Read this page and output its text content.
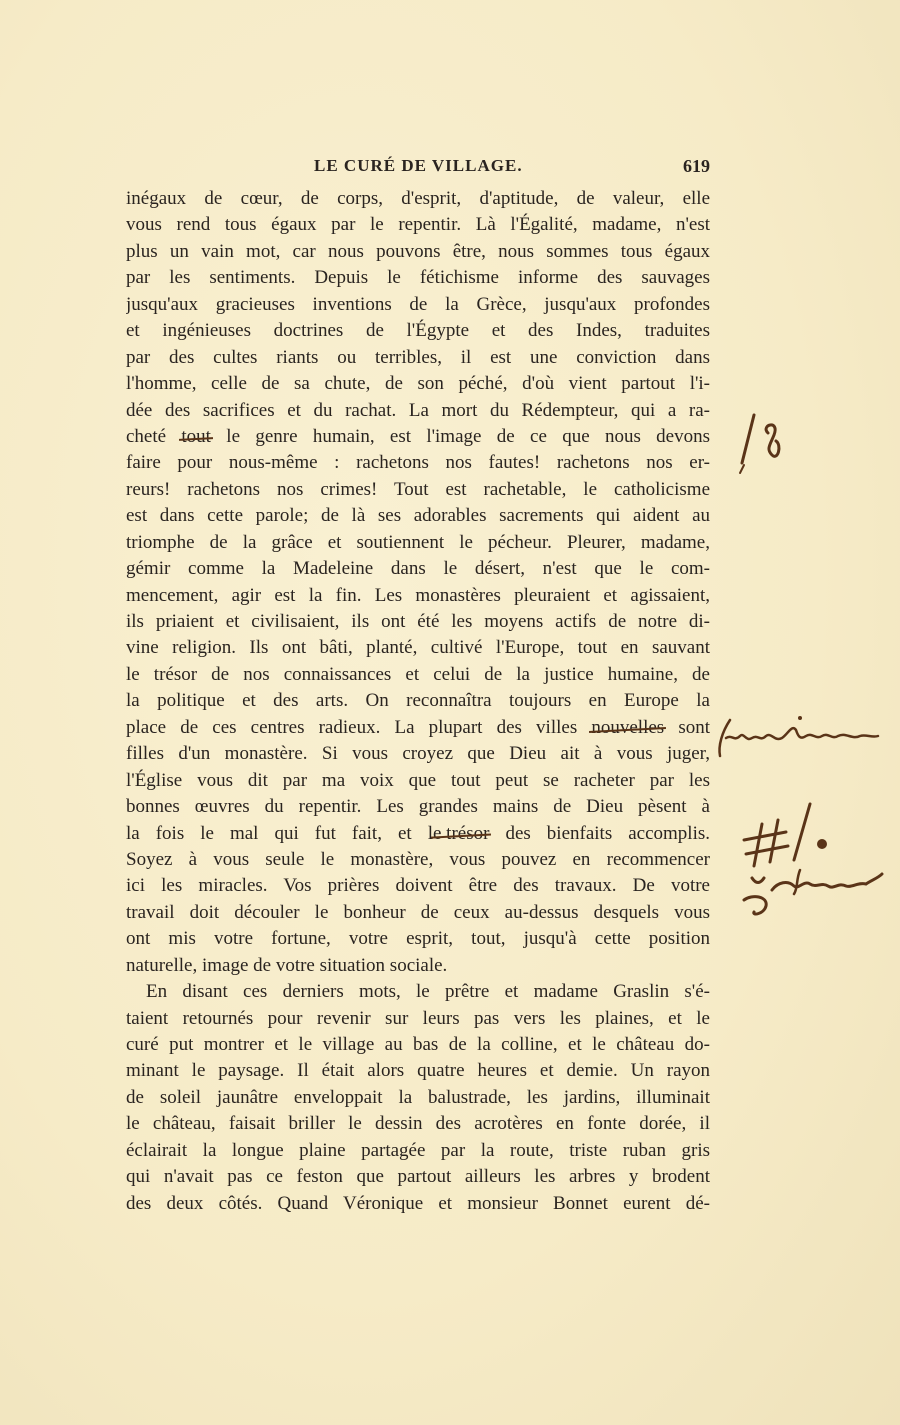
LE CURÉ DE VILLAGE.	619
inégaux de cœur, de corps, d'esprit, d'aptitude, de valeur, elle
vous rend tous égaux par le repentir. Là l'Égalité, madame, n'est
plus un vain mot, car nous pouvons être, nous sommes tous égaux
par les sentiments. Depuis le fétichisme informe des sauvages
jusqu'aux gracieuses inventions de la Grèce, jusqu'aux profondes
et ingénieuses doctrines de l'Égypte et des Indes, traduites
par des cultes riants ou terribles, il est une conviction dans
l'homme, celle de sa chute, de son péché, d'où vient partout l'i-
dée des sacrifices et du rachat. La mort du Rédempteur, qui a ra-
cheté tout le genre humain, est l'image de ce que nous devons
faire pour nous-même : rachetons nos fautes! rachetons nos er-
reurs! rachetons nos crimes! Tout est rachetable, le catholicisme
est dans cette parole; de là ses adorables sacrements qui aident au
triomphe de la grâce et soutiennent le pécheur. Pleurer, madame,
gémir comme la Madeleine dans le désert, n'est que le com-
mencement, agir est la fin. Les monastères pleuraient et agissaient,
ils priaient et civilisaient, ils ont été les moyens actifs de notre di-
vine religion. Ils ont bâti, planté, cultivé l'Europe, tout en sauvant
le trésor de nos connaissances et celui de la justice humaine, de
la politique et des arts. On reconnaîtra toujours en Europe la
place de ces centres radieux. La plupart des villes nouvelles sont
filles d'un monastère. Si vous croyez que Dieu ait à vous juger,
l'Église vous dit par ma voix que tout peut se racheter par les
bonnes œuvres du repentir. Les grandes mains de Dieu pèsent à
la fois le mal qui fut fait, et le trésor des bienfaits accomplis.
Soyez à vous seule le monastère, vous pouvez en recommencer
ici les miracles. Vos prières doivent être des travaux. De votre
travail doit découler le bonheur de ceux au-dessus desquels vous
ont mis votre fortune, votre esprit, tout, jusqu'à cette position
naturelle, image de votre situation sociale.
En disant ces derniers mots, le prêtre et madame Graslin s'é-
taient retournés pour revenir sur leurs pas vers les plaines, et le
curé put montrer et le village au bas de la colline, et le château do-
minant le paysage. Il était alors quatre heures et demie. Un rayon
de soleil jaunâtre enveloppait la balustrade, les jardins, illuminait
le château, faisait briller le dessin des acrotères en fonte dorée, il
éclairait la longue plaine partagée par la route, triste ruban gris
qui n'avait pas ce feston que partout ailleurs les arbres y brodent
des deux côtés. Quand Véronique et monsieur Bonnet eurent dé-
